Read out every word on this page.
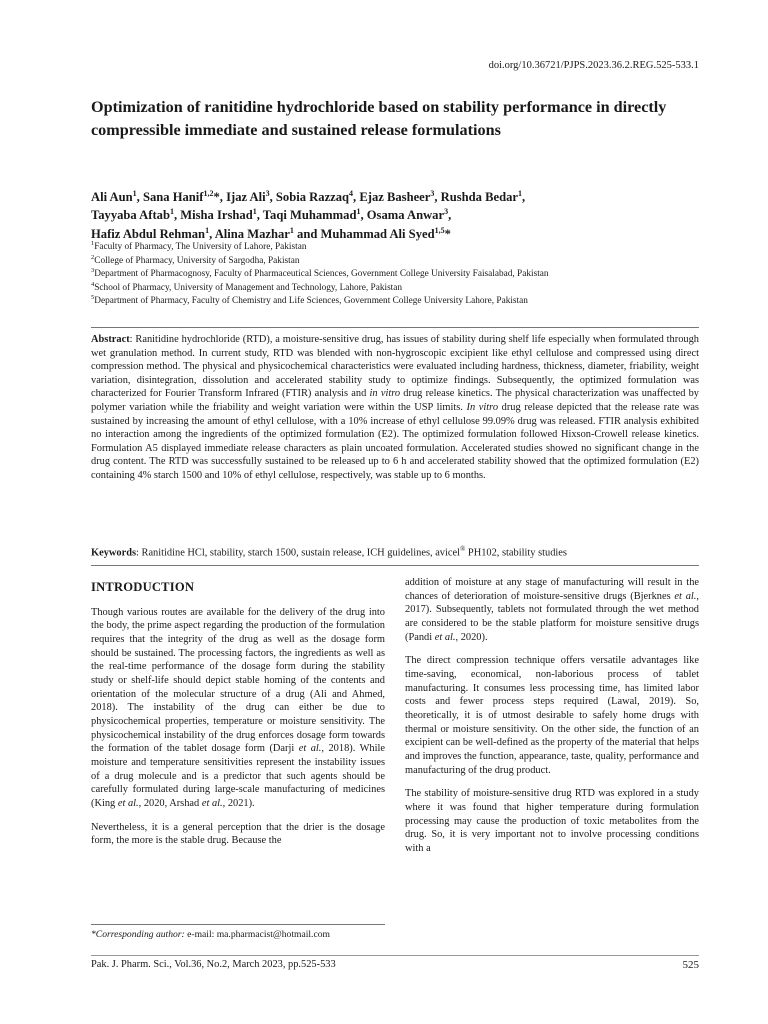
doi.org/10.36721/PJPS.2023.36.2.REG.525-533.1
Optimization of ranitidine hydrochloride based on stability performance in directly compressible immediate and sustained release formulations
Ali Aun$^1$, Sana Hanif$^{1,2}$*, Ijaz Ali$^3$, Sobia Razzaq$^4$, Ejaz Basheer$^3$, Rushda Bedar$^1$,
Tayyaba Aftab$^1$, Misha Irshad$^1$, Taqi Muhammad$^1$, Osama Anwar$^3$,
Hafiz Abdul Rehman$^1$, Alina Mazhar$^1$ and Muhammad Ali Syed$^{1,5}$*
$^1$Faculty of Pharmacy, The University of Lahore, Pakistan
$^2$College of Pharmacy, University of Sargodha, Pakistan
$^3$Department of Pharmacognosy, Faculty of Pharmaceutical Sciences, Government College University Faisalabad, Pakistan
$^4$School of Pharmacy, University of Management and Technology, Lahore, Pakistan
$^5$Department of Pharmacy, Faculty of Chemistry and Life Sciences, Government College University Lahore, Pakistan

Abstract: Ranitidine hydrochloride (RTD), a moisture-sensitive drug, has issues of stability during shelf life especially when formulated through wet granulation method. In current study, RTD was blended with non-hygroscopic excipient like ethyl cellulose and compressed using direct compression method. The physical and physicochemical characteristics were evaluated including hardness, thickness, diameter, friability, weight variation, disintegration, dissolution and accelerated stability study to optimize findings. Subsequently, the optimized formulation was characterized for Fourier Transform Infrared (FTIR) analysis and in vitro drug release kinetics. The physical characterization was unaffected by polymer variation while the friability and weight variation were within the USP limits. In vitro drug release depicted that the release rate was sustained by increasing the amount of ethyl cellulose, with a 10% increase of ethyl cellulose 99.09% drug was released. FTIR analysis exhibited no interaction among the ingredients of the optimized formulation (E2). The optimized formulation followed Hixson-Crowell release kinetics. Formulation A5 displayed immediate release characters as plain uncoated formulation. Accelerated studies showed no significant change in the drug content. The RTD was successfully sustained to be released up to 6 h and accelerated stability showed that the optimized formulation (E2) containing 4% starch 1500 and 10% of ethyl cellulose, respectively, was stable up to 6 months.

Keywords: Ranitidine HCl, stability, starch 1500, sustain release, ICH guidelines, avicel® PH102, stability studies
INTRODUCTION

Though various routes are available for the delivery of the drug into the body, the prime aspect regarding the production of the formulation requires that the integrity of the drug as well as the dosage form should be sustained. The processing factors, the ingredients as well as the real-time performance of the dosage form during the stability study or shelf-life should depict stable homing of the contents and orientation of the molecular structure of a drug (Ali and Ahmed, 2018). The instability of the drug can either be due to physicochemical properties, temperature or moisture sensitivity. The physicochemical instability of the drug enforces dosage form towards the formation of the tablet dosage form (Darji et al., 2018). While moisture and temperature sensitivities represent the instability issues of a drug molecule and is a predictor that such agents should be carefully formulated during large-scale manufacturing of medicines (King et al., 2020, Arshad et al., 2021).

Nevertheless, it is a general perception that the drier is the dosage form, the more is the stable drug. Because the

addition of moisture at any stage of manufacturing will result in the chances of deterioration of moisture-sensitive drugs (Bjerknes et al., 2017). Subsequently, tablets not formulated through the wet method are considered to be the stable platform for moisture sensitive drugs (Pandi et al., 2020).

The direct compression technique offers versatile advantages like time-saving, economical, non-laborious process of tablet manufacturing. It consumes less processing time, has limited labor costs and fewer process steps required (Lawal, 2019). So, theoretically, it is of utmost desirable to safely home drugs with thermal or moisture sensitivity. On the other side, the function of an excipient can be well-defined as the property of the material that helps and improves the function, appearance, taste, quality, performance and manufacturing of the drug product.

The stability of moisture-sensitive drug RTD was explored in a study where it was found that higher temperature during formulation processing may cause the production of toxic metabolites from the drug. So, it is very important not to involve processing conditions with a

*Corresponding author: e-mail: ma.pharmacist@hotmail.com
Pak. J. Pharm. Sci., Vol.36, No.2, March 2023, pp.525-533	525
